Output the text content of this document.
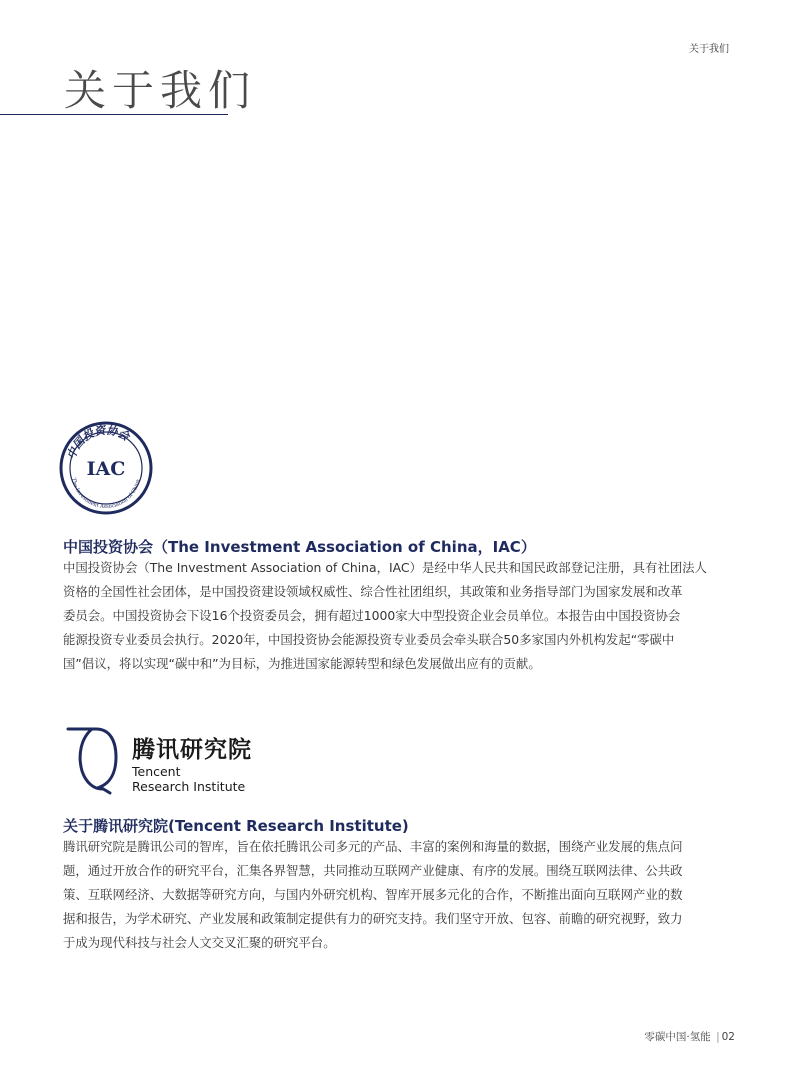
关于我们
关于我们
中国投资协会
IAC
The Investment Association of China
中国投资协会（The Investment Association of China，IAC）
中国投资协会（The Investment Association of China，IAC）是经中华人民共和国民政部登记注册，具有社团法人
资格的全国性社会团体，是中国投资建设领域权威性、综合性社团组织，其政策和业务指导部门为国家发展和改革
委员会。中国投资协会下设16个投资委员会，拥有超过1000家大中型投资企业会员单位。本报告由中国投资协会
能源投资专业委员会执行。2020年，中国投资协会能源投资专业委员会牵头联合50多家国内外机构发起“零碳中
国”倡议，将以实现“碳中和”为目标，为推进国家能源转型和绿色发展做出应有的贡献。
腾讯研究院
Tencent
Research Institute
关于腾讯研究院(Tencent Research Institute)
腾讯研究院是腾讯公司的智库，旨在依托腾讯公司多元的产品、丰富的案例和海量的数据，围绕产业发展的焦点问
题，通过开放合作的研究平台，汇集各界智慧，共同推动互联网产业健康、有序的发展。围绕互联网法律、公共政
策、互联网经济、大数据等研究方向，与国内外研究机构、智库开展多元化的合作，不断推出面向互联网产业的数
据和报告，为学术研究、产业发展和政策制定提供有力的研究支持。我们坚守开放、包容、前瞻的研究视野，致力
于成为现代科技与社会人文交叉汇聚的研究平台。
零碳中国·氢能 | 02
